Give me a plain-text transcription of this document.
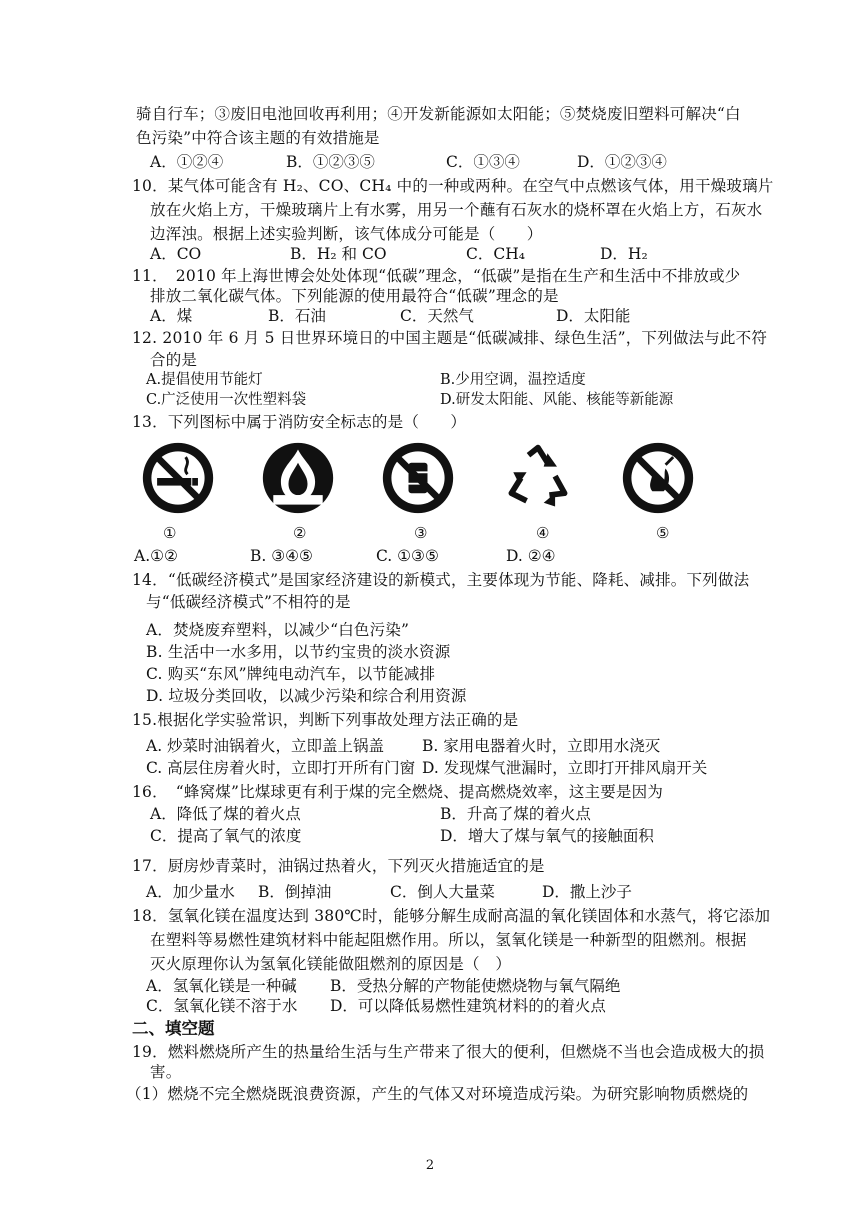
骑自行车；③废旧电池回收再利用；④开发新能源如太阳能；⑤焚烧废旧塑料可解决“白
色污染”中符合该主题的有效措施是
A．①②④	B．①②③⑤	C．①③④	D．①②③④
10．某气体可能含有 H₂、CO、CH₄ 中的一种或两种。在空气中点燃该气体，用干燥玻璃片
放在火焰上方，干燥玻璃片上有水雾，用另一个蘸有石灰水的烧杯罩在火焰上方，石灰水
边浑浊。根据上述实验判断，该气体成分可能是（　　）
A．CO	B．H₂ 和 CO	C．CH₄	D．H₂
11．　2010 年上海世博会处处体现“低碳”理念，“低碳”是指在生产和生活中不排放或少
排放二氧化碳气体。下列能源的使用最符合“低碳”理念的是
A．煤	B．石油	C．天然气	D．太阳能
12. 2010 年 6 月 5 日世界环境日的中国主题是“低碳减排、绿色生活”，下列做法与此不符
合的是
A.提倡使用节能灯	B.少用空调，温控适度
C.广泛使用一次性塑料袋	D.研发太阳能、风能、核能等新能源
13．下列图标中属于消防安全标志的是（　　）
①	②	③	④	⑤
A.①②	B. ③④⑤	C. ①③⑤	D. ②④
14．“低碳经济模式”是国家经济建设的新模式，主要体现为节能、降耗、减排。下列做法
与“低碳经济模式”不相符的是
A．焚烧废弃塑料，以减少“白色污染”
B. 生活中一水多用，以节约宝贵的淡水资源
C. 购买“东风”牌纯电动汽车，以节能减排
D. 垃圾分类回收，以减少污染和综合利用资源
15.根据化学实验常识，判断下列事故处理方法正确的是
A. 炒菜时油锅着火，立即盖上锅盖 B. 家用电器着火时，立即用水浇灭
C. 高层住房着火时，立即打开所有门窗 D. 发现煤气泄漏时，立即打开排风扇开关
16．　“蜂窝煤”比煤球更有利于煤的完全燃烧、提高燃烧效率，这主要是因为
A．降低了煤的着火点	B．升高了煤的着火点
C．提高了氧气的浓度	D．增大了煤与氧气的接触面积
17．厨房炒青菜时，油锅过热着火，下列灭火措施适宜的是
A．加少量水 B．倒掉油	C．倒人大量菜	D．撒上沙子
18．氢氧化镁在温度达到 380℃时，能够分解生成耐高温的氧化镁固体和水蒸气，将它添加
在塑料等易燃性建筑材料中能起阻燃作用。所以，氢氧化镁是一种新型的阻燃剂。根据
灭火原理你认为氢氧化镁能做阻燃剂的原因是（　）
A．氢氧化镁是一种碱 B．受热分解的产物能使燃烧物与氧气隔绝
C．氢氧化镁不溶于水 D．可以降低易燃性建筑材料的的着火点
二、填空题
19．燃料燃烧所产生的热量给生活与生产带来了很大的便利，但燃烧不当也会造成极大的损
害。
（1）燃烧不完全燃烧既浪费资源，产生的气体又对环境造成污染。为研究影响物质燃烧的
2
